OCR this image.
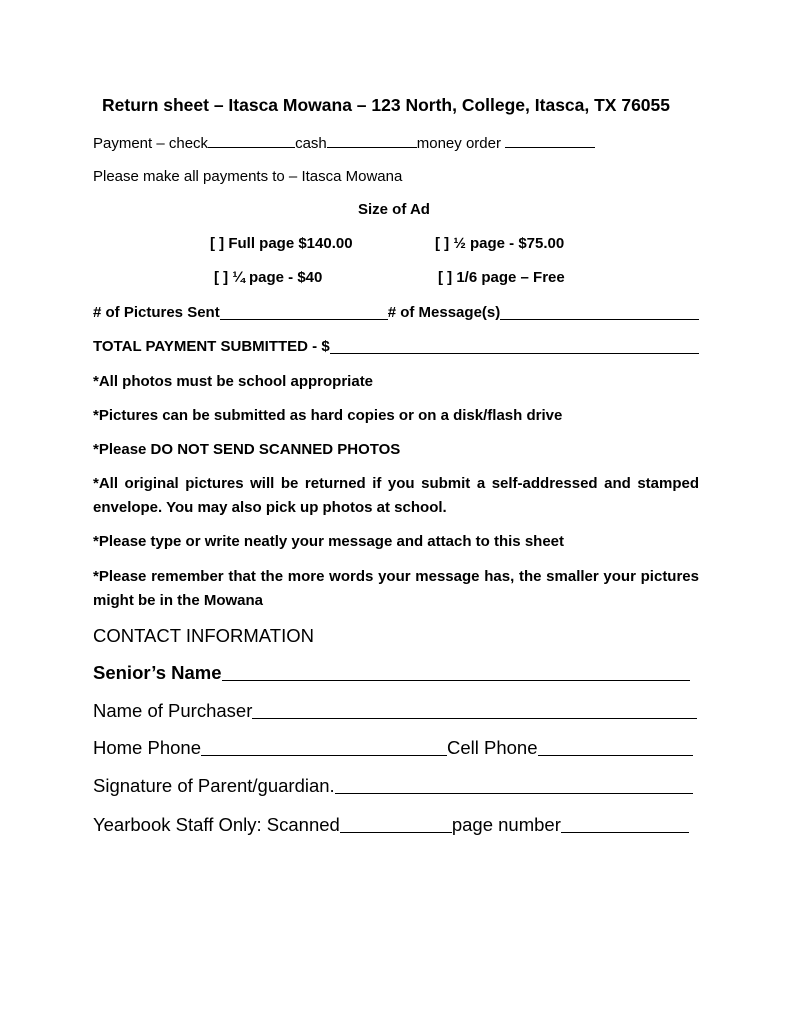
Return sheet – Itasca Mowana – 123 North, College, Itasca, TX 76055
Payment – check	cash	money order
Please make all payments to – Itasca Mowana
Size of Ad
[ ] Full page $140.00	[ ] ½ page - $75.00
[ ] ¼ page - $40	[ ] 1/6 page – Free
# of Pictures Sent	# of Message(s)
TOTAL PAYMENT SUBMITTED - $
*All photos must be school appropriate
*Pictures can be submitted as hard copies or on a disk/flash drive
*Please DO NOT SEND SCANNED PHOTOS
*All original pictures will be returned if you submit a self-addressed and stamped envelope. You may also pick up photos at school.
*Please type or write neatly your message and attach to this sheet
*Please remember that the more words your message has, the smaller your pictures might be in the Mowana
CONTACT INFORMATION
Senior’s Name
Name of Purchaser
Home Phone	Cell Phone
Signature of Parent/guardian.
Yearbook Staff Only: Scanned	page number
